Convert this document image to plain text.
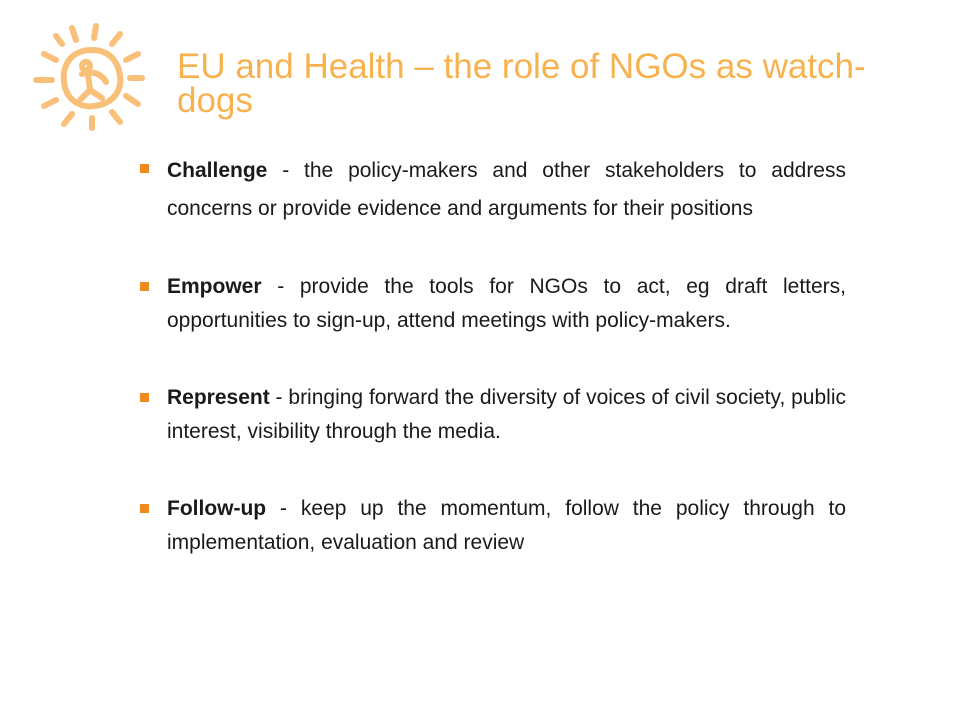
EU and Health – the role of NGOs as watch-dogs
Challenge - the policy-makers and other stakeholders to address concerns or provide evidence and arguments for their positions
Empower - provide the tools for NGOs to act, eg draft letters, opportunities to sign-up, attend meetings with policy-makers.
Represent - bringing forward the diversity of voices of civil society, public interest, visibility through the media.
Follow-up - keep up the momentum, follow the policy through to implementation, evaluation and review
